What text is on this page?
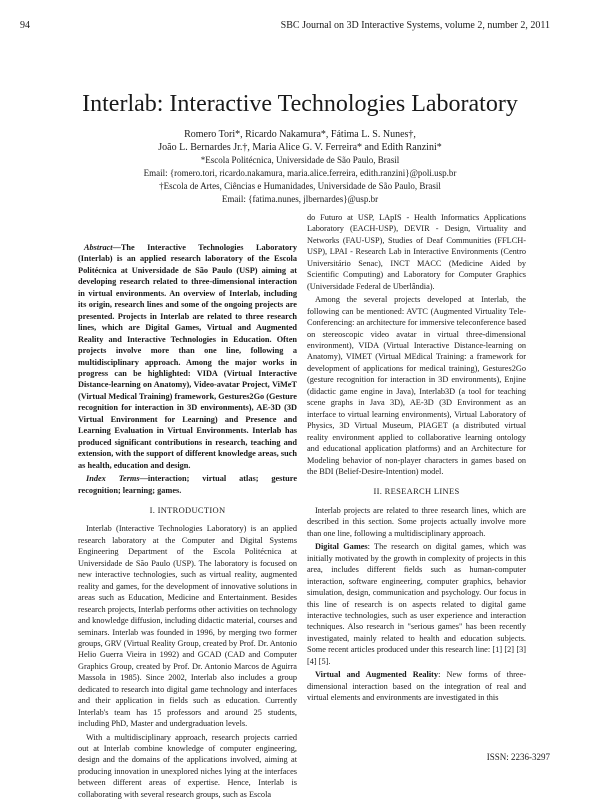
94	SBC Journal on 3D Interactive Systems, volume 2, number 2, 2011
Interlab: Interactive Technologies Laboratory
Romero Tori*, Ricardo Nakamura*, Fátima L. S. Nunes†,
João L. Bernardes Jr.†, Maria Alice G. V. Ferreira* and Edith Ranzini*
*Escola Politécnica, Universidade de São Paulo, Brasil
Email: {romero.tori, ricardo.nakamura, maria.alice.ferreira, edith.ranzini}@poli.usp.br
†Escola de Artes, Ciências e Humanidades, Universidade de São Paulo, Brasil
Email: {fatima.nunes, jlbernardes}@usp.br

Abstract—The Interactive Technologies Laboratory (Interlab) is an applied research laboratory of the Escola Politécnica at Universidade de São Paulo (USP) aiming at developing research related to three-dimensional interaction in virtual environments. An overview of Interlab, including its origin, research lines and some of the ongoing projects are presented. Projects in Interlab are related to three research lines, which are Digital Games, Virtual and Augmented Reality and Interactive Technologies in Education. Often projects involve more than one line, following a multidisciplinary approach. Among the major works in progress can be highlighted: VIDA (Virtual Interactive Distance-learning on Anatomy), Video-avatar Project, ViMeT (Virtual Medical Training) framework, Gestures2Go (Gesture recognition for interaction in 3D environments), AE-3D (3D Virtual Environment for Learning) and Presence and Learning Evaluation in Virtual Environments. Interlab has produced significant contributions in research, teaching and extension, with the support of different knowledge areas, such as health, education and design.

Index Terms—interaction; virtual atlas; gesture recognition; learning; games.

I. INTRODUCTION

Interlab (Interactive Technologies Laboratory) is an applied research laboratory at the Computer and Digital Systems Engineering Department of the Escola Politécnica at Universidade de São Paulo (USP). The laboratory is focused on new interactive technologies, such as virtual reality, augmented reality and games, for the development of innovative solutions in areas such as Education, Medicine and Entertainment. Besides research projects, Interlab performs other activities on technology and knowledge diffusion, including didactic material, courses and seminars. Interlab was founded in 1996, by merging two former groups, GRV (Virtual Reality Group, created by Prof. Dr. Antonio Helio Guerra Vieira in 1992) and GCAD (CAD and Computer Graphics Group, created by Prof. Dr. Antonio Marcos de Aguirra Massola in 1985). Since 2002, Interlab also includes a group dedicated to research into digital game technology and interfaces and their application in fields such as education. Currently Interlab's team has 15 professors and around 25 students, including PhD, Master and undergraduation levels.

With a multidisciplinary approach, research projects carried out at Interlab combine knowledge of computer engineering, design and the domains of the applications involved, aiming at producing innovation in unexplored niches lying at the interfaces between different areas of expertise. Hence, Interlab is collaborating with several research groups, such as Escola

do Futuro at USP, LApIS - Health Informatics Applications Laboratory (EACH-USP), DEVIR - Design, Virtuality and Networks (FAU-USP), Studies of Deaf Communities (FFLCH-USP), LPAI - Research Lab in Interactive Environments (Centro Universitário Senac), INCT MACC (Medicine Aided by Scientific Computing) and Laboratory for Computer Graphics (Universidade Federal de Uberlândia).

Among the several projects developed at Interlab, the following can be mentioned: AVTC (Augmented Virtuality Tele-Conferencing: an architecture for immersive teleconference based on stereoscopic video avatar in virtual three-dimensional environment), VIDA (Virtual Interactive Distance-learning on Anatomy), VIMET (Virtual MEdical Training: a framework for development of applications for medical training), Gestures2Go (gesture recognition for interaction in 3D environments), Enjine (didactic game engine in Java), Interlab3D (a tool for teaching scene graphs in Java 3D), AE-3D (3D Environment as an interface to virtual learning environments), Virtual Laboratory of Physics, 3D Virtual Museum, PIAGET (a distributed virtual reality environment applied to collaborative learning ontology and educational application platforms) and an Architecture for Modeling behavior of non-player characters in games based on the BDI (Belief-Desire-Intention) model.

II. RESEARCH LINES

Interlab projects are related to three research lines, which are described in this section. Some projects actually involve more than one line, following a multidisciplinary approach.

Digital Games: The research on digital games, which was initially motivated by the growth in complexity of projects in this area, includes different fields such as human-computer interaction, software engineering, computer graphics, behavior simulation, design, communication and psychology. Our focus in this line of research is on aspects related to digital game interactive technologies, such as user experience and interaction techniques. Also research in "serious games" has been recently investigated, mainly related to health and education subjects. Some recent articles produced under this research line: [1] [2] [3] [4] [5].

Virtual and Augmented Reality: New forms of three-dimensional interaction based on the integration of real and virtual elements and environments are investigated in this

ISSN: 2236-3297
